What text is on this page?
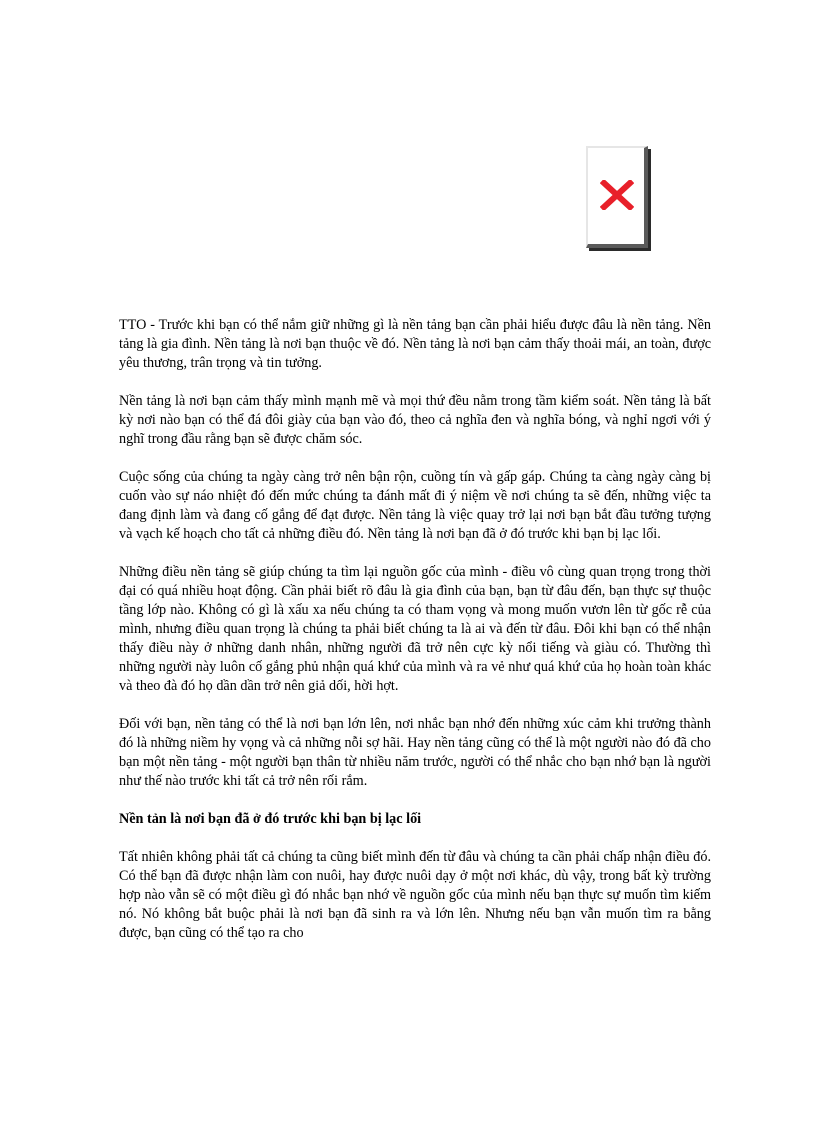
TTO - Trước khi bạn có thể nắm giữ những gì là nền tảng bạn cần phải hiểu được đâu là nền tảng. Nền tảng là gia đình. Nền tảng là nơi bạn thuộc về đó. Nền tảng là nơi bạn cảm thấy thoải mái, an toàn, được yêu thương, trân trọng và tin tưởng.

Nền tảng là nơi bạn cảm thấy mình mạnh mẽ và mọi thứ đều nằm trong tầm kiểm soát. Nền tảng là bất kỳ nơi nào bạn có thể đá đôi giày của bạn vào đó, theo cả nghĩa đen và nghĩa bóng, và nghỉ ngơi với ý nghĩ trong đầu rằng bạn sẽ được chăm sóc.

Cuộc sống của chúng ta ngày càng trở nên bận rộn, cuồng tín và gấp gáp. Chúng ta càng ngày càng bị cuốn vào sự náo nhiệt đó đến mức chúng ta đánh mất đi ý niệm về nơi chúng ta sẽ đến, những việc ta đang định làm và đang cố gắng để đạt được. Nền tảng là việc quay trở lại nơi bạn bắt đầu tưởng tượng và vạch kế hoạch cho tất cả những điều đó. Nền tảng là nơi bạn đã ở đó trước khi bạn bị lạc lối.

Những điều nền tảng sẽ giúp chúng ta tìm lại nguồn gốc của mình - điều vô cùng quan trọng trong thời đại có quá nhiều hoạt động. Cần phải biết rõ đâu là gia đình của bạn, bạn từ đâu đến, bạn thực sự thuộc tầng lớp nào. Không có gì là xấu xa nếu chúng ta có tham vọng và mong muốn vươn lên từ gốc rễ của mình, nhưng điều quan trọng là chúng ta phải biết chúng ta là ai và đến từ đâu. Đôi khi bạn có thể nhận thấy điều này ở những danh nhân, những người đã trở nên cực kỳ nổi tiếng và giàu có. Thường thì những người này luôn cố gắng phủ nhận quá khứ của mình và ra vẻ như quá khứ của họ hoàn toàn khác và theo đà đó họ dần dần trở nên giả dối, hời hợt.

Đối với bạn, nền tảng có thể là nơi bạn lớn lên, nơi nhắc bạn nhớ đến những xúc cảm khi trưởng thành đó là những niềm hy vọng và cả những nỗi sợ hãi. Hay nền tảng cũng có thể là một người nào đó đã cho bạn một nền tảng - một người bạn thân từ nhiều năm trước, người có thể nhắc cho bạn nhớ bạn là người như thế nào trước khi tất cả trở nên rối rắm.

Nền tản là nơi bạn đã ở đó trước khi bạn bị lạc lối

Tất nhiên không phải tất cả chúng ta cũng biết mình đến từ đâu và chúng ta cần phải chấp nhận điều đó. Có thể bạn đã được nhận làm con nuôi, hay được nuôi dạy ở một nơi khác, dù vậy, trong bất kỳ trường hợp nào vẫn sẽ có một điều gì đó nhắc bạn nhớ về nguồn gốc của mình nếu bạn thực sự muốn tìm kiếm nó. Nó không bắt buộc phải là nơi bạn đã sinh ra và lớn lên. Nhưng nếu bạn vẫn muốn tìm ra bằng được, bạn cũng có thể tạo ra cho
